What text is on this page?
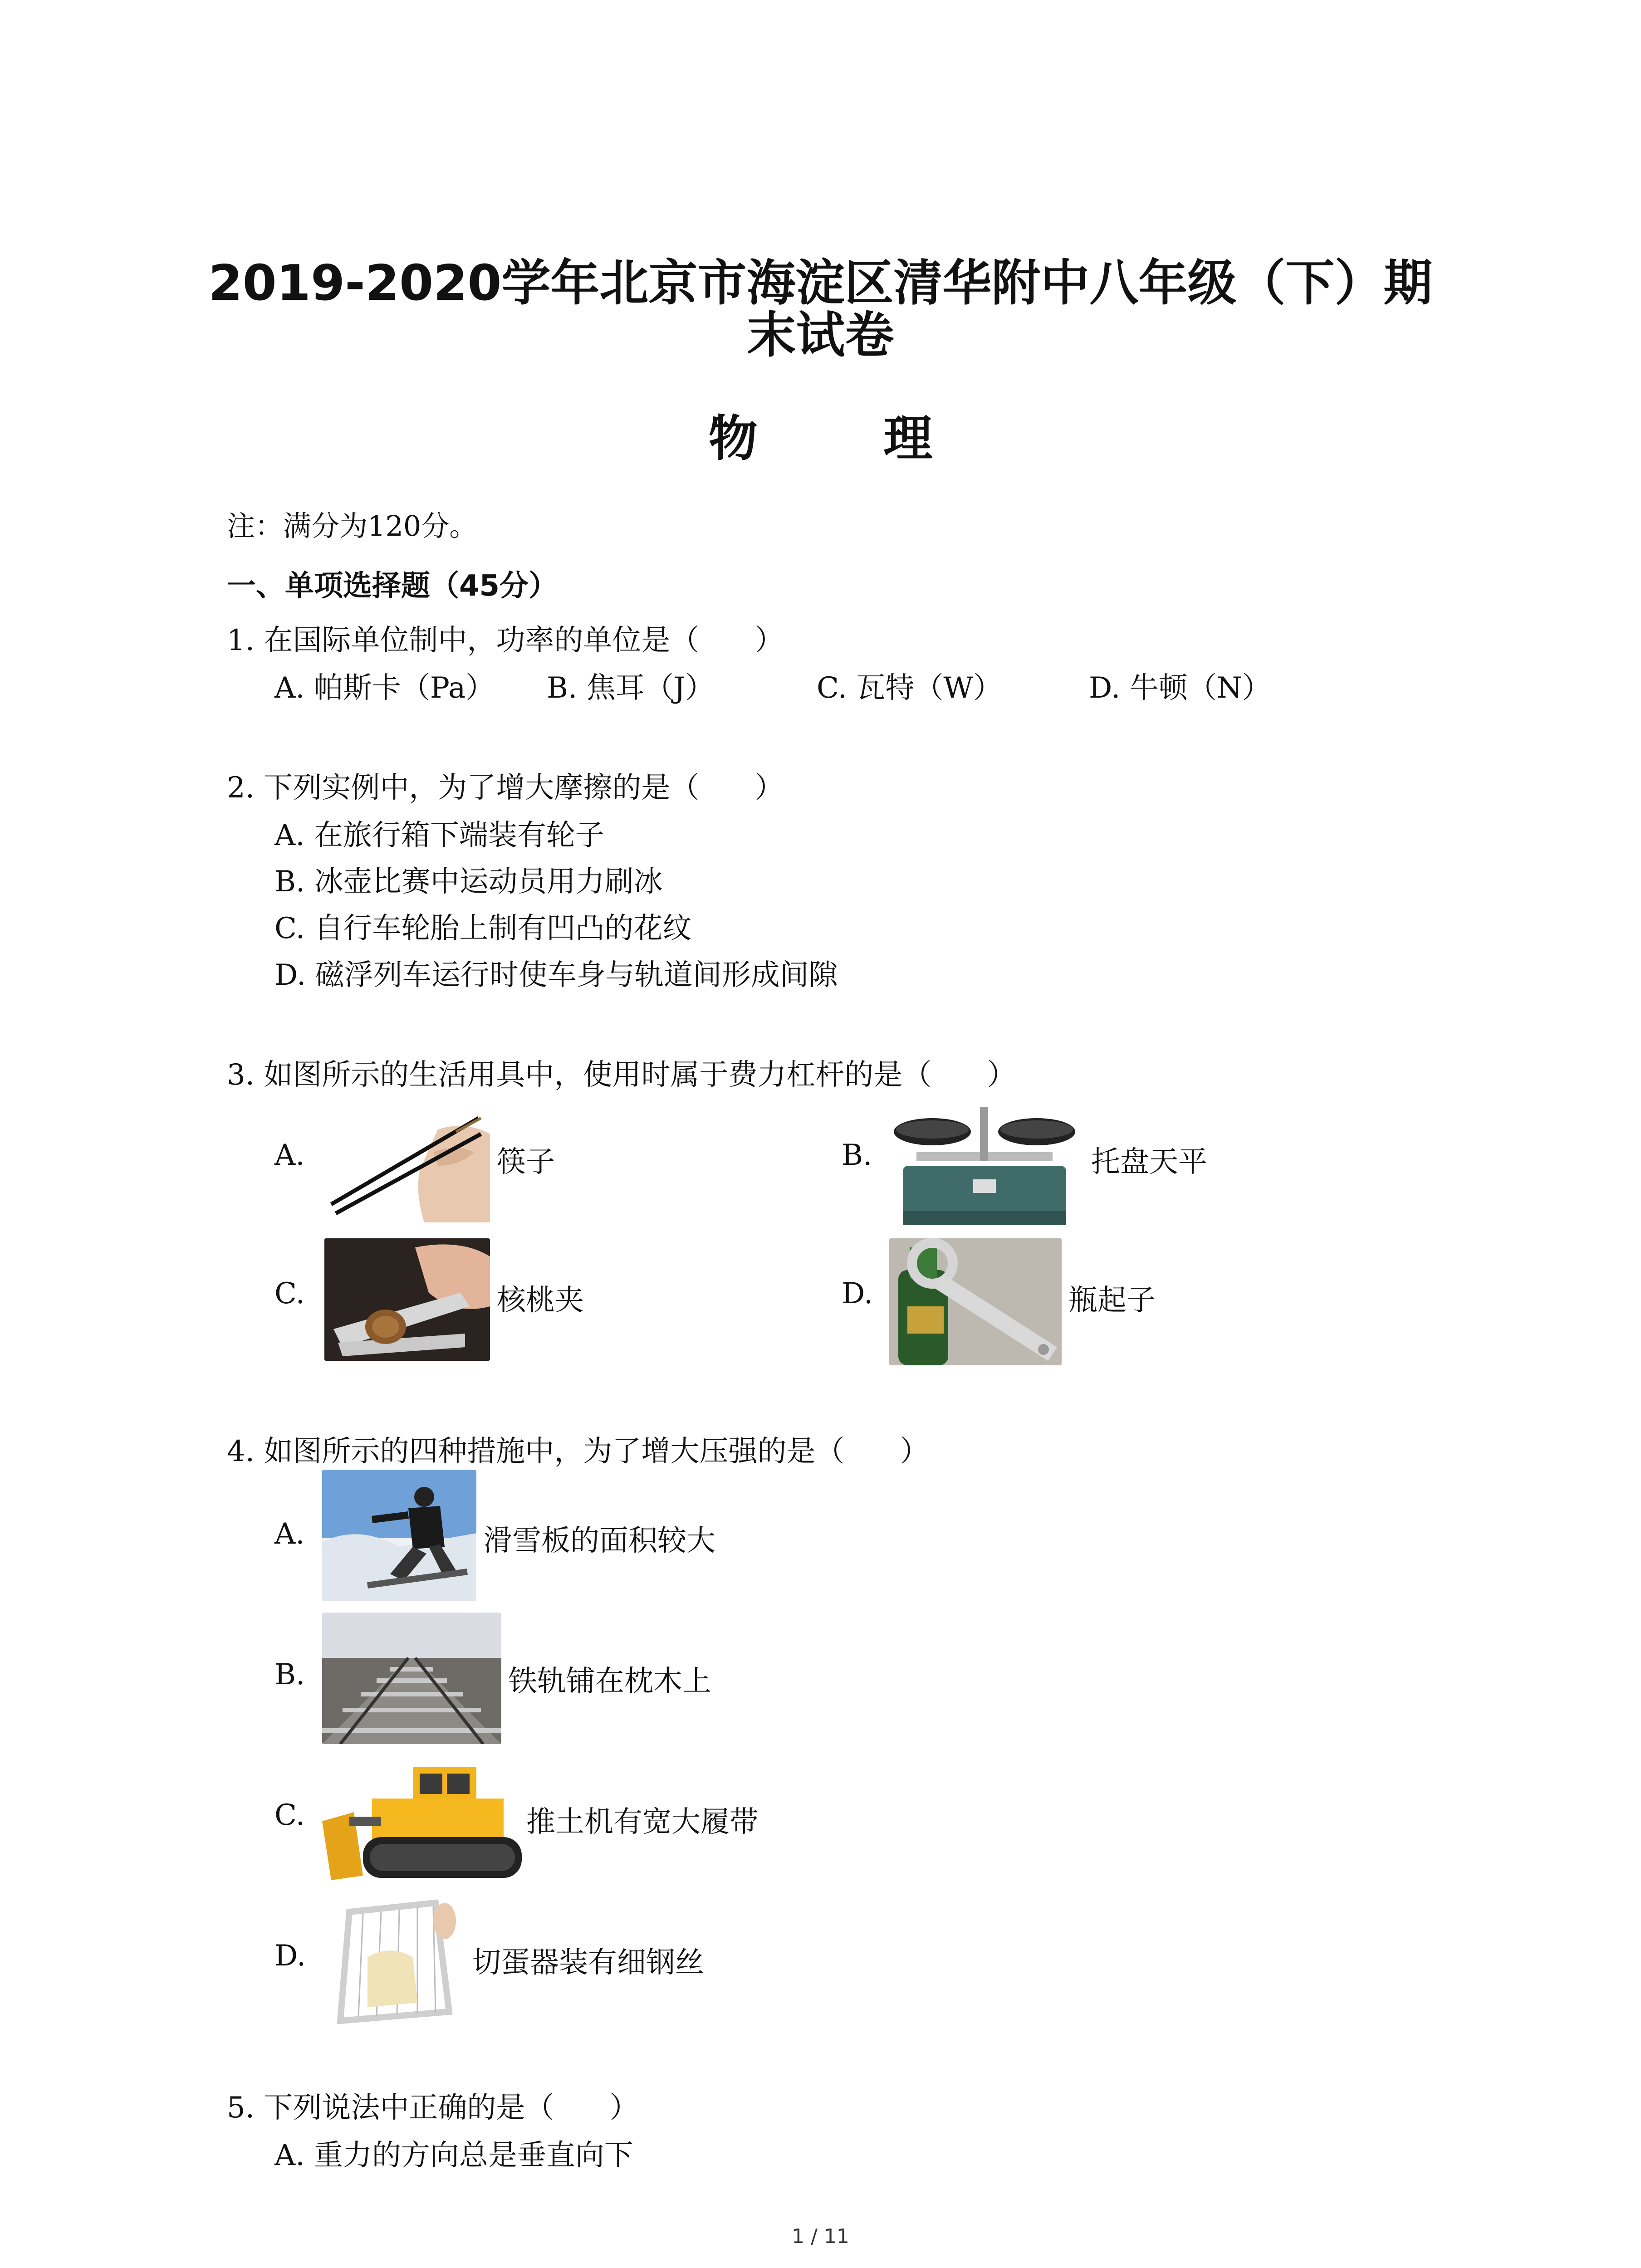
2019-2020学年北京市海淀区清华附中八年级（下）期
末试卷
物 理
注：满分为120分。
一、单项选择题（45分）
1. 在国际单位制中，功率的单位是（      ）
A. 帕斯卡（Pa） B. 焦耳（J）	C. 瓦特（W）	D. 牛顿（N）
2. 下列实例中，为了增大摩擦的是（      ）
A. 在旅行箱下端装有轮子
B. 冰壶比赛中运动员用力刷冰
C. 自行车轮胎上制有凹凸的花纹
D. 磁浮列车运行时使车身与轨道间形成间隙
3. 如图所示的生活用具中，使用时属于费力杠杆的是（      ）
A.	筷子	B.	托盘天平
C.	核桃夹	D.	瓶起子
4. 如图所示的四种措施中，为了增大压强的是（      ）
A.	滑雪板的面积较大
B.	铁轨铺在枕木上
C.	推土机有宽大履带
D.	切蛋器装有细钢丝
5. 下列说法中正确的是（      ）
A. 重力的方向总是垂直向下
1 / 11
